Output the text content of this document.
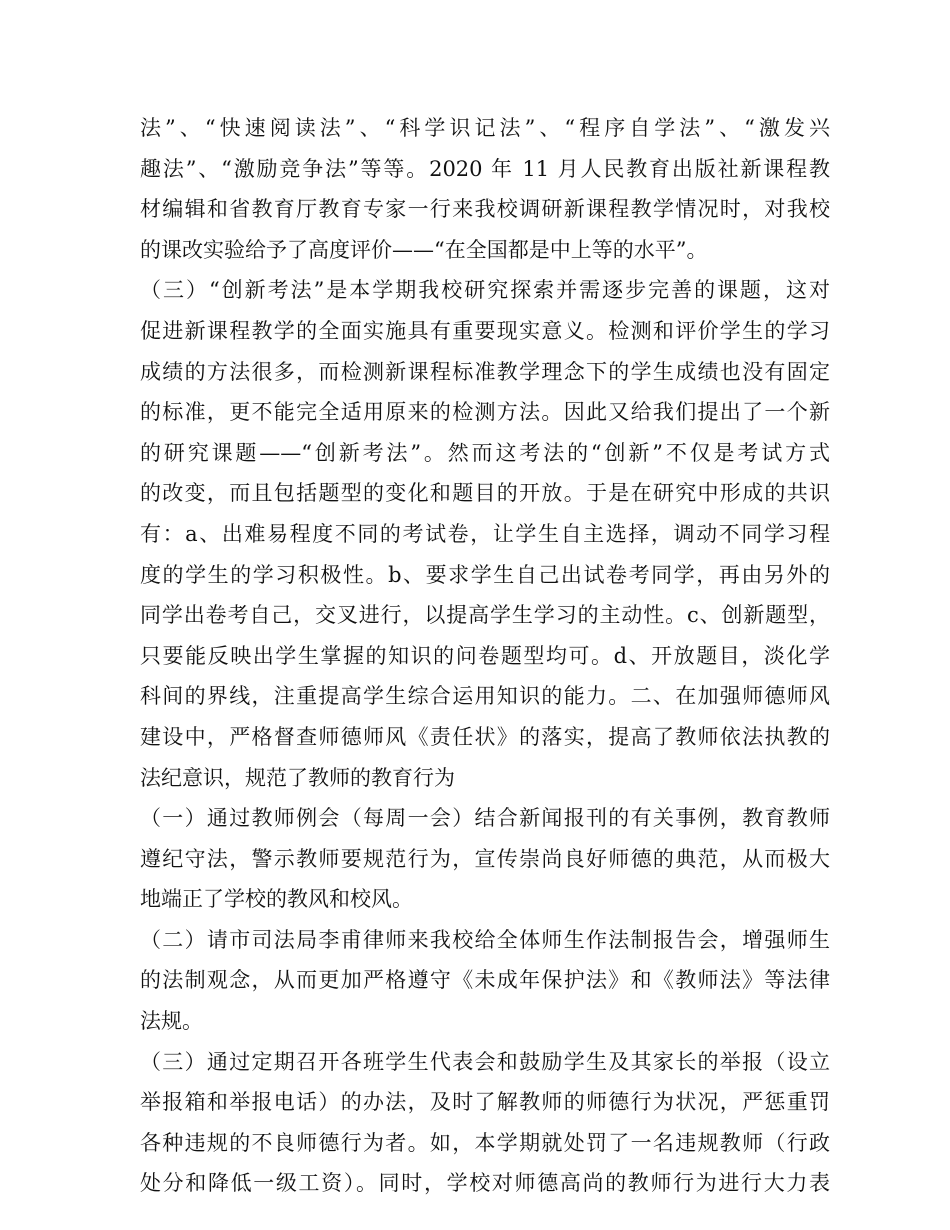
法”、“快速阅读法”、“科学识记法”、“程序自学法”、“激发兴
趣法”、“激励竞争法”等等。2020 年 11 月人民教育出版社新课程教
材编辑和省教育厅教育专家一行来我校调研新课程教学情况时，对我校
的课改实验给予了高度评价——“在全国都是中上等的水平”。
（三）“创新考法”是本学期我校研究探索并需逐步完善的课题，这对
促进新课程教学的全面实施具有重要现实意义。检测和评价学生的学习
成绩的方法很多，而检测新课程标准教学理念下的学生成绩也没有固定
的标准，更不能完全适用原来的检测方法。因此又给我们提出了一个新
的研究课题——“创新考法”。然而这考法的“创新”不仅是考试方式
的改变，而且包括题型的变化和题目的开放。于是在研究中形成的共识
有：a、出难易程度不同的考试卷，让学生自主选择，调动不同学习程
度的学生的学习积极性。b、要求学生自己出试卷考同学，再由另外的
同学出卷考自己，交叉进行，以提高学生学习的主动性。c、创新题型，
只要能反映出学生掌握的知识的问卷题型均可。d、开放题目，淡化学
科间的界线，注重提高学生综合运用知识的能力。二、在加强师德师风
建设中，严格督查师德师风《责任状》的落实，提高了教师依法执教的
法纪意识，规范了教师的教育行为
（一）通过教师例会（每周一会）结合新闻报刊的有关事例，教育教师
遵纪守法，警示教师要规范行为，宣传崇尚良好师德的典范，从而极大
地端正了学校的教风和校风。
（二）请市司法局李甫律师来我校给全体师生作法制报告会，增强师生
的法制观念，从而更加严格遵守《未成年保护法》和《教师法》等法律
法规。
（三）通过定期召开各班学生代表会和鼓励学生及其家长的举报（设立
举报箱和举报电话）的办法，及时了解教师的师德行为状况，严惩重罚
各种违规的不良师德行为者。如，本学期就处罚了一名违规教师（行政
处分和降低一级工资）。同时，学校对师德高尚的教师行为进行大力表
